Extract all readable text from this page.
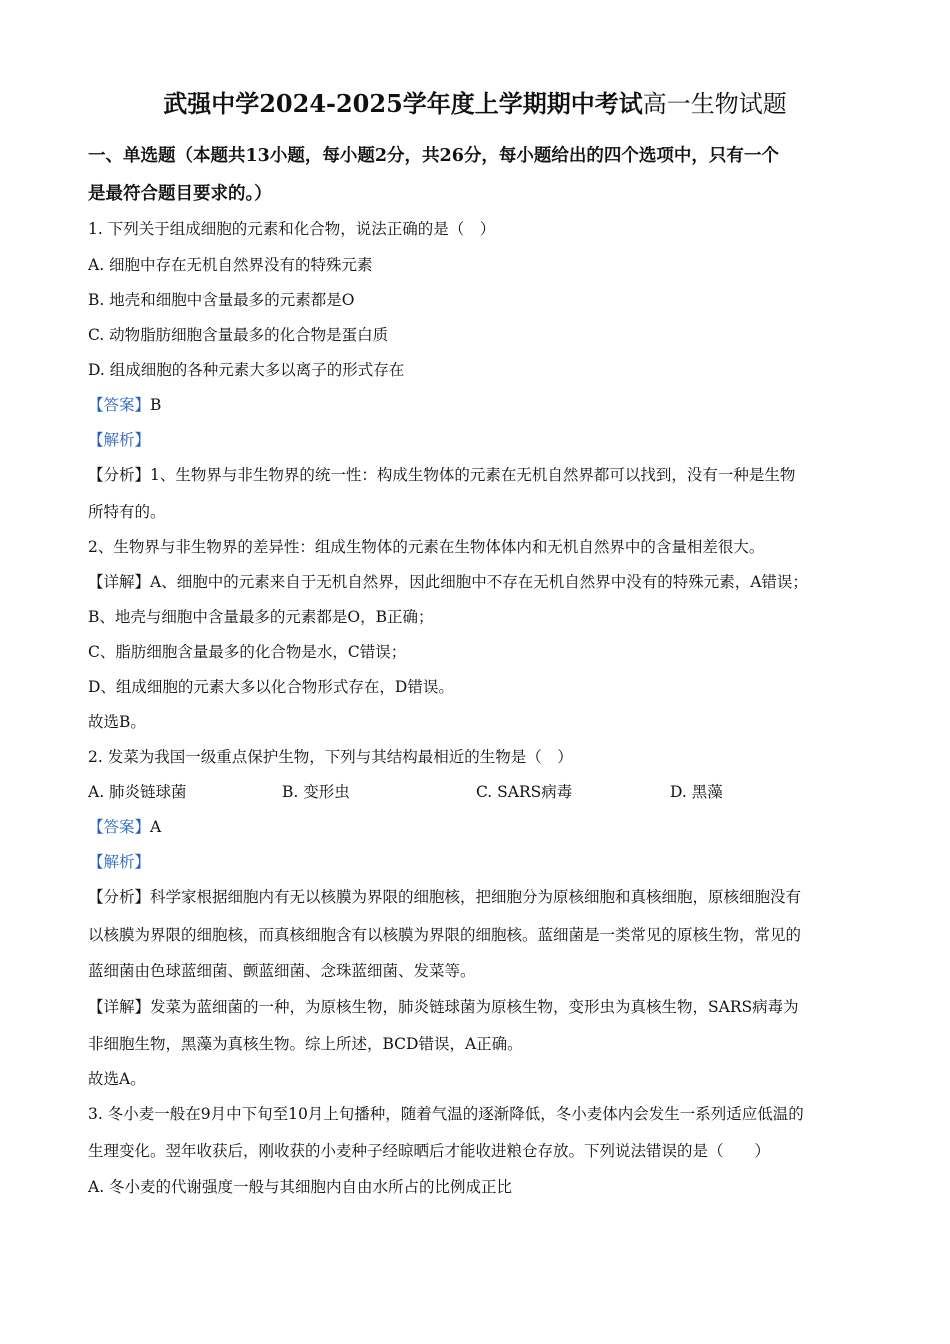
武强中学2024-2025学年度上学期期中考试高一生物试题
一、单选题（本题共13小题，每小题2分，共26分，每小题给出的四个选项中，只有一个
是最符合题目要求的。）
1. 下列关于组成细胞的元素和化合物，说法正确的是（　）
A. 细胞中存在无机自然界没有的特殊元素
B. 地壳和细胞中含量最多的元素都是O
C. 动物脂肪细胞含量最多的化合物是蛋白质
D. 组成细胞的各种元素大多以离子的形式存在
【答案】B
【解析】
【分析】1、生物界与非生物界的统一性：构成生物体的元素在无机自然界都可以找到，没有一种是生物
所特有的。
2、生物界与非生物界的差异性：组成生物体的元素在生物体体内和无机自然界中的含量相差很大。
【详解】A、细胞中的元素来自于无机自然界，因此细胞中不存在无机自然界中没有的特殊元素，A错误；
B、地壳与细胞中含量最多的元素都是O，B正确；
C、脂肪细胞含量最多的化合物是水，C错误；
D、组成细胞的元素大多以化合物形式存在，D错误。
故选B。
2. 发菜为我国一级重点保护生物，下列与其结构最相近的生物是（　）
A. 肺炎链球菌	B. 变形虫	C. SARS病毒	D. 黑藻
【答案】A
【解析】
【分析】科学家根据细胞内有无以核膜为界限的细胞核，把细胞分为原核细胞和真核细胞，原核细胞没有
以核膜为界限的细胞核，而真核细胞含有以核膜为界限的细胞核。蓝细菌是一类常见的原核生物，常见的
蓝细菌由色球蓝细菌、颤蓝细菌、念珠蓝细菌、发菜等。
【详解】发菜为蓝细菌的一种，为原核生物，肺炎链球菌为原核生物，变形虫为真核生物，SARS病毒为
非细胞生物，黑藻为真核生物。综上所述，BCD错误，A正确。
故选A。
3. 冬小麦一般在9月中下旬至10月上旬播种，随着气温的逐渐降低，冬小麦体内会发生一系列适应低温的
生理变化。翌年收获后，刚收获的小麦种子经晾晒后才能收进粮仓存放。下列说法错误的是（　　）
A. 冬小麦的代谢强度一般与其细胞内自由水所占的比例成正比
